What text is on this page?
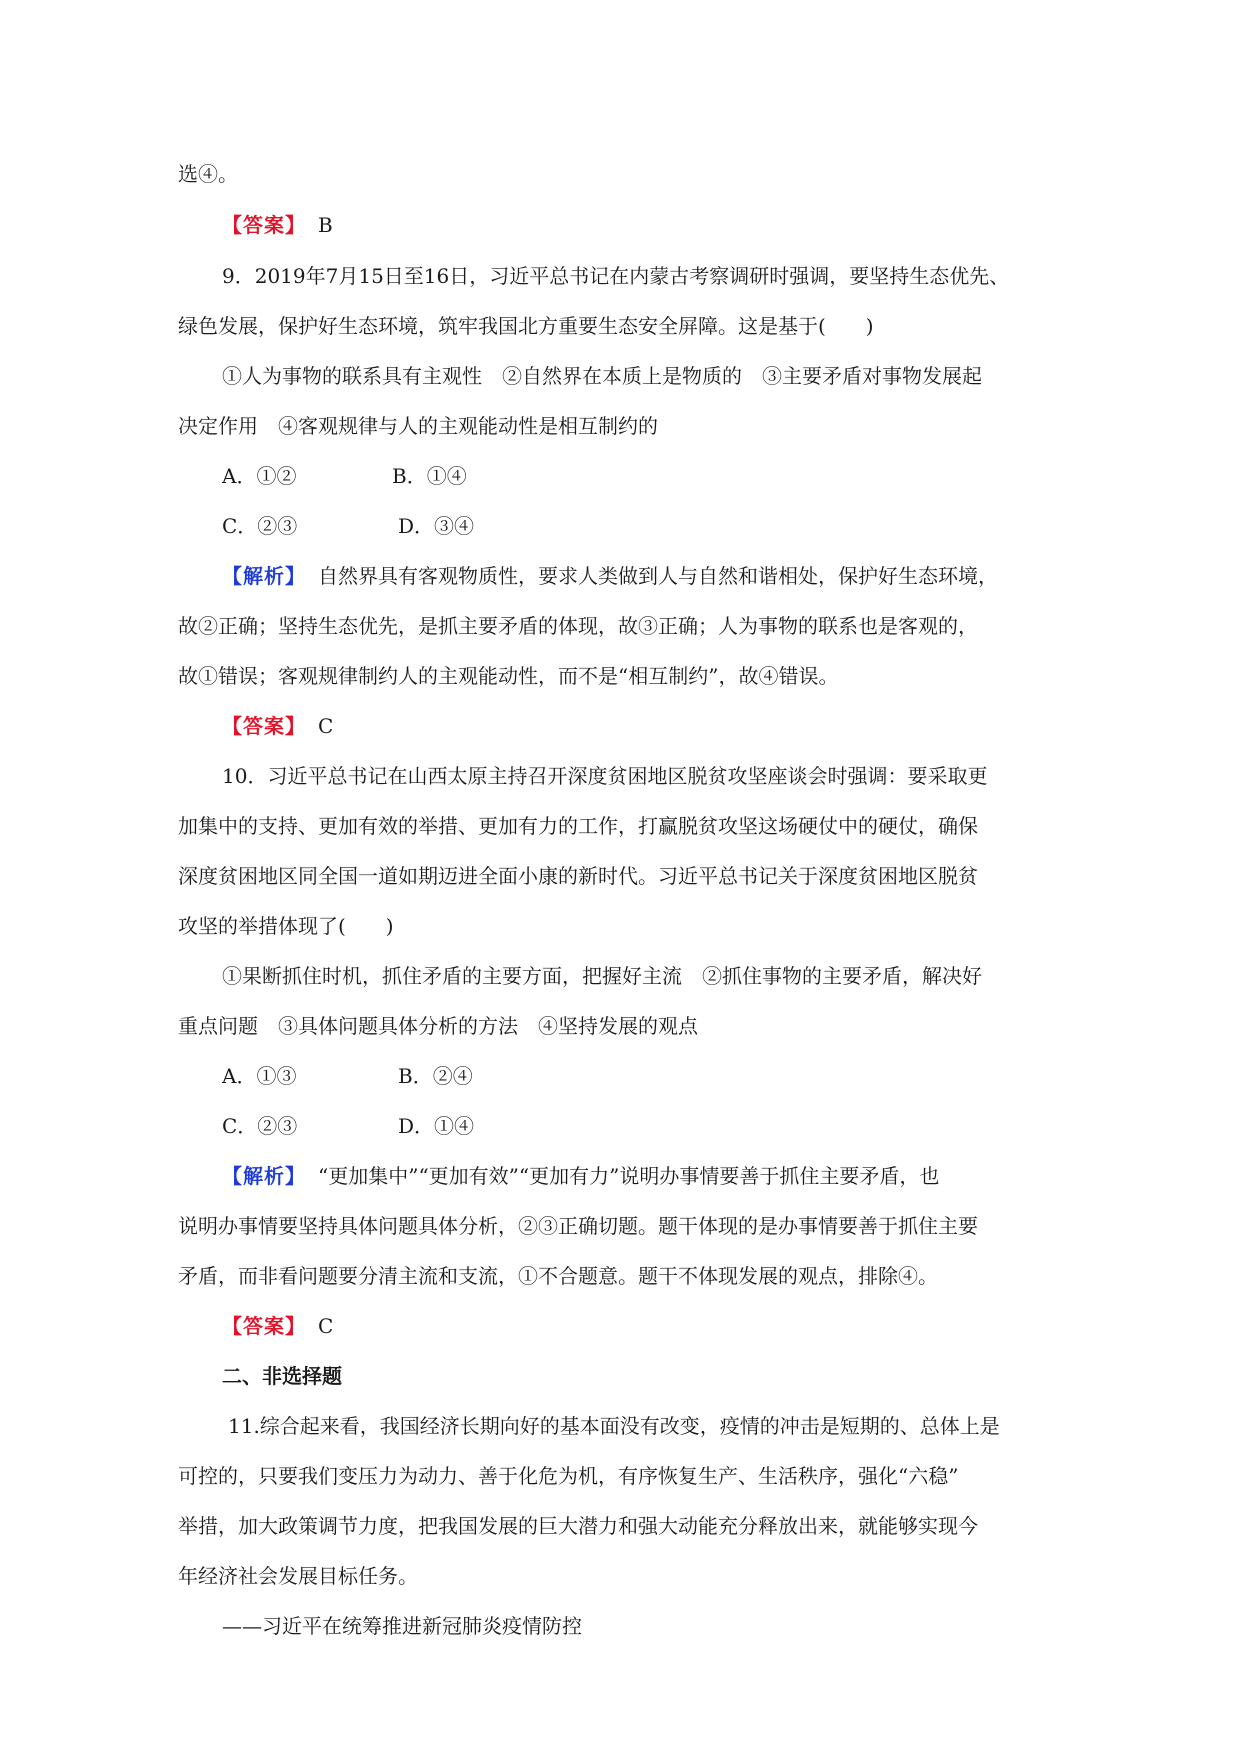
选④。
【答案】 B
9．2019年7月15日至16日，习近平总书记在内蒙古考察调研时强调，要坚持生态优先、
绿色发展，保护好生态环境，筑牢我国北方重要生态安全屏障。这是基于(　　)
①人为事物的联系具有主观性　②自然界在本质上是物质的　③主要矛盾对事物发展起
决定作用　④客观规律与人的主观能动性是相互制约的
A．①②	B．①④
C．②③	D．③④
【解析】 自然界具有客观物质性，要求人类做到人与自然和谐相处，保护好生态环境，
故②正确；坚持生态优先，是抓主要矛盾的体现，故③正确；人为事物的联系也是客观的，
故①错误；客观规律制约人的主观能动性，而不是“相互制约”，故④错误。
【答案】 C
10．习近平总书记在山西太原主持召开深度贫困地区脱贫攻坚座谈会时强调：要采取更
加集中的支持、更加有效的举措、更加有力的工作，打赢脱贫攻坚这场硬仗中的硬仗，确保
深度贫困地区同全国一道如期迈进全面小康的新时代。习近平总书记关于深度贫困地区脱贫
攻坚的举措体现了(　　)
①果断抓住时机，抓住矛盾的主要方面，把握好主流　②抓住事物的主要矛盾，解决好
重点问题　③具体问题具体分析的方法　④坚持发展的观点
A．①③	B．②④
C．②③	D．①④
【解析】 “更加集中”“更加有效”“更加有力”说明办事情要善于抓住主要矛盾，也
说明办事情要坚持具体问题具体分析，②③正确切题。题干体现的是办事情要善于抓住主要
矛盾，而非看问题要分清主流和支流，①不合题意。题干不体现发展的观点，排除④。
【答案】 C
二、非选择题
11.综合起来看，我国经济长期向好的基本面没有改变，疫情的冲击是短期的、总体上是
可控的，只要我们变压力为动力、善于化危为机，有序恢复生产、生活秩序，强化“六稳”
举措，加大政策调节力度，把我国发展的巨大潜力和强大动能充分释放出来，就能够实现今
年经济社会发展目标任务。
——习近平在统筹推进新冠肺炎疫情防控
